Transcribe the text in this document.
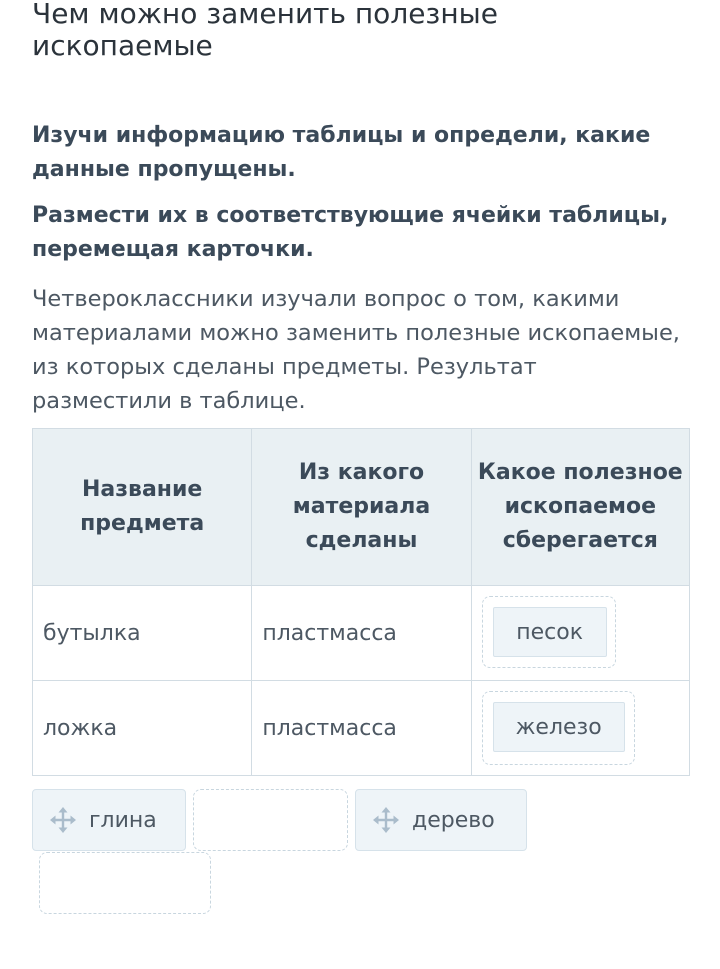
Чем можно заменить полезные ископаемые
Изучи информацию таблицы и определи, какие данные пропущены.
Размести их в соответствующие ячейки таблицы, перемещая карточки.
Четвероклассники изучали вопрос о том, какими материалами можно заменить полезные ископаемые, из которых сделаны предметы. Результат разместили в таблице.
Название предмета	Из какого материала сделаны	Какое полезное ископаемое сберегается
бутылка	пластмасса	песок

ложка	пластмасса	железо
глина	дерево
